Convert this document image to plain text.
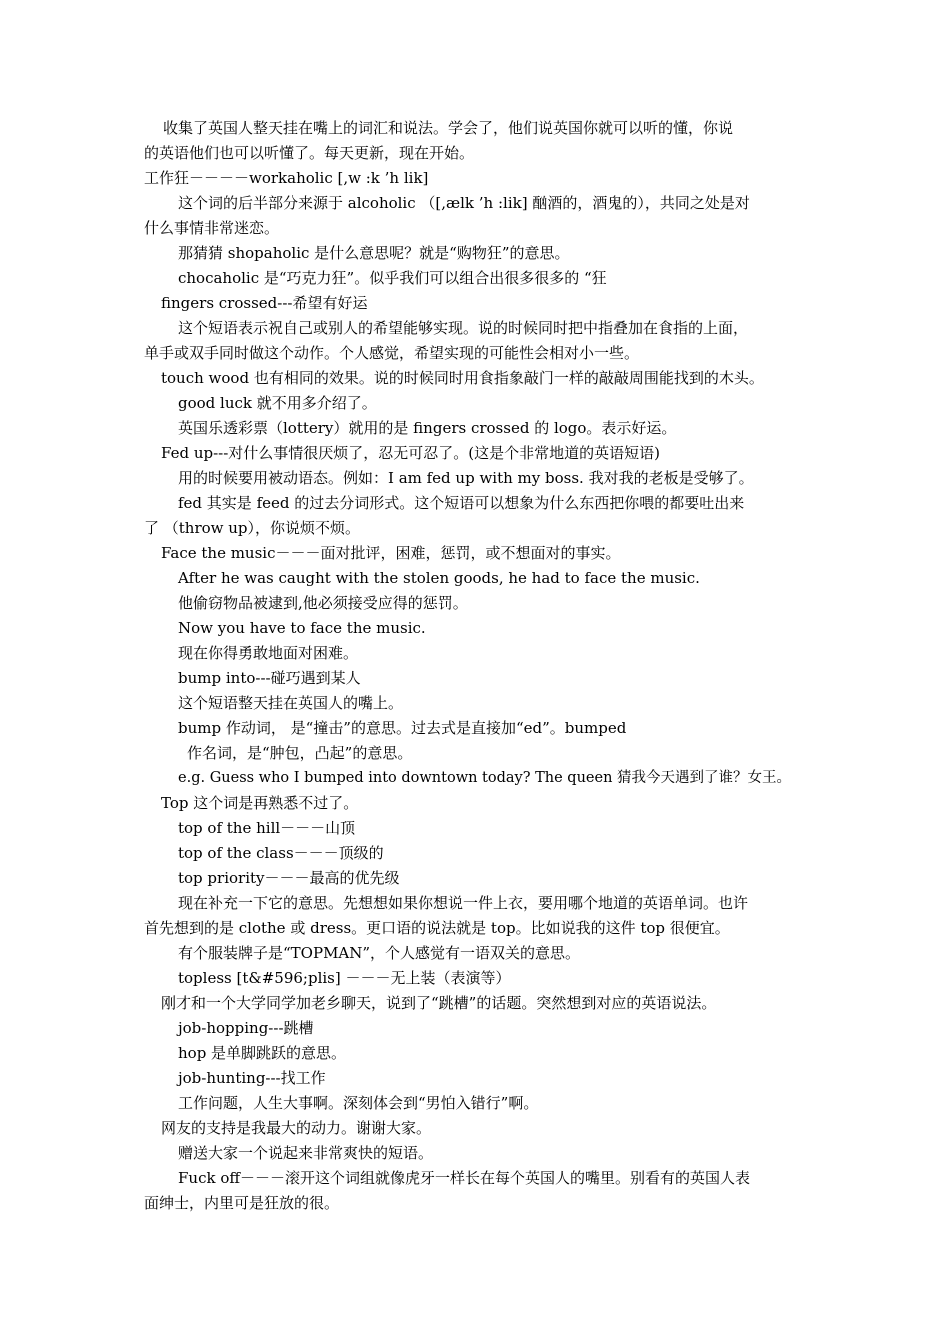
收集了英国人整天挂在嘴上的词汇和说法。学会了，他们说英国你就可以听的懂，你说
的英语他们也可以听懂了。每天更新，现在开始。
工作狂－－－－workaholic [,w :k ’h lik]
这个词的后半部分来源于 alcoholic （[,ælk ’h :lik] 酗酒的，酒鬼的），共同之处是对
什么事情非常迷恋。
那猜猜 shopaholic 是什么意思呢？就是“购物狂”的意思。
chocaholic 是“巧克力狂”。似乎我们可以组合出很多很多的 “狂
fingers crossed---希望有好运
这个短语表示祝自己或别人的希望能够实现。说的时候同时把中指叠加在食指的上面，
单手或双手同时做这个动作。个人感觉，希望实现的可能性会相对小一些。
touch wood 也有相同的效果。说的时候同时用食指象敲门一样的敲敲周围能找到的木头。
good luck 就不用多介绍了。
英国乐透彩票（lottery）就用的是 fingers crossed 的 logo。表示好运。
Fed up---对什么事情很厌烦了，忍无可忍了。(这是个非常地道的英语短语)
用的时候要用被动语态。例如：I am fed up with my boss. 我对我的老板是受够了。
fed 其实是 feed 的过去分词形式。这个短语可以想象为什么东西把你喂的都要吐出来
了 （throw up），你说烦不烦。
Face the music－－－面对批评，困难，惩罚，或不想面对的事实。
After he was caught with the stolen goods, he had to face the music.
他偷窃物品被逮到,他必须接受应得的惩罚。
Now you have to face the music.
现在你得勇敢地面对困难。
bump into---碰巧遇到某人
这个短语整天挂在英国人的嘴上。
bump 作动词， 是“撞击”的意思。过去式是直接加“ed”。bumped
作名词，是“肿包，凸起”的意思。
e.g. Guess who I bumped into downtown today? The queen 猜我今天遇到了谁？女王。
Top 这个词是再熟悉不过了。
top of the hill－－－山顶
top of the class－－－顶级的
top priority－－－最高的优先级
现在补充一下它的意思。先想想如果你想说一件上衣，要用哪个地道的英语单词。也许
首先想到的是 clothe 或 dress。更口语的说法就是 top。比如说我的这件 top 很便宜。
有个服装牌子是“TOPMAN”，个人感觉有一语双关的意思。
topless [t&#596;plis] －－－无上装（表演等）
刚才和一个大学同学加老乡聊天，说到了“跳槽”的话题。突然想到对应的英语说法。
job-hopping---跳槽
hop 是单脚跳跃的意思。
job-hunting---找工作
工作问题，人生大事啊。深刻体会到“男怕入错行”啊。
网友的支持是我最大的动力。谢谢大家。
赠送大家一个说起来非常爽快的短语。
Fuck off－－－滚开这个词组就像虎牙一样长在每个英国人的嘴里。别看有的英国人表
面绅士，内里可是狂放的很。
